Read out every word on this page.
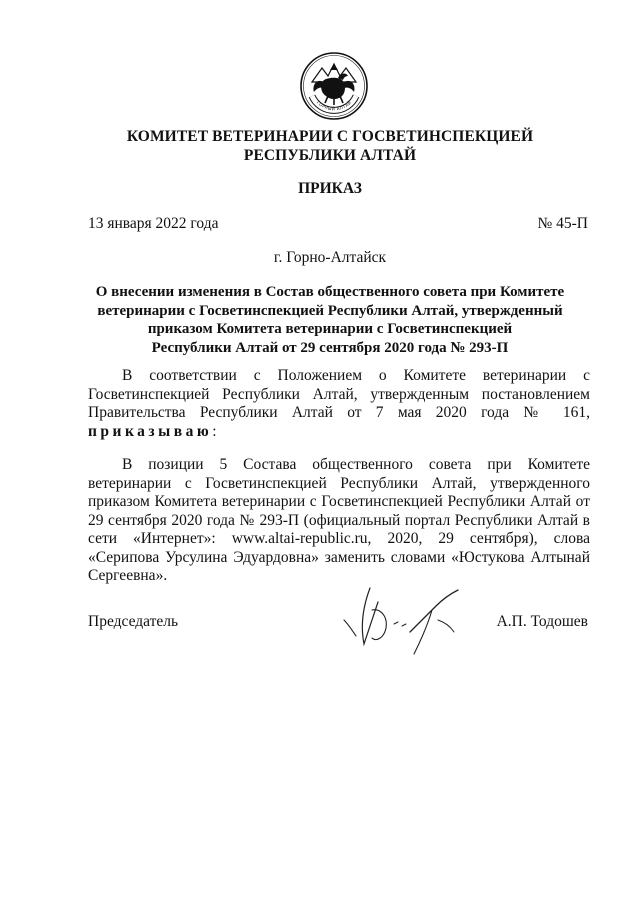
ГОРНЫЙ АЛТАЙ
КОМИТЕТ ВЕТЕРИНАРИИ С ГОСВЕТИНСПЕКЦИЕЙ
РЕСПУБЛИКИ АЛТАЙ
ПРИКАЗ
13 января 2022 года	№ 45-П
г. Горно-Алтайск
О внесении изменения в Состав общественного совета при Комитете
ветеринарии с Госветинспекцией Республики Алтай, утвержденный
приказом Комитета ветеринарии с Госветинспекцией
Республики Алтай от 29 сентября 2020 года № 293-П
В соответствии с Положением о Комитете ветеринарии с Госветинспекцией Республики Алтай, утвержденным постановлением Правительства Республики Алтай от 7 мая 2020 года № 161, приказываю:
В позиции 5 Состава общественного совета при Комитете ветеринарии с Госветинспекцией Республики Алтай, утвержденного приказом Комитета ветеринарии с Госветинспекцией Республики Алтай от 29 сентября 2020 года № 293-П (официальный портал Республики Алтай в сети «Интернет»: www.altai-republic.ru, 2020, 29 сентября), слова «Серипова Урсулина Эдуардовна» заменить словами «Юстукова Алтынай Сергеевна».
Председатель	А.П. Тодошев
